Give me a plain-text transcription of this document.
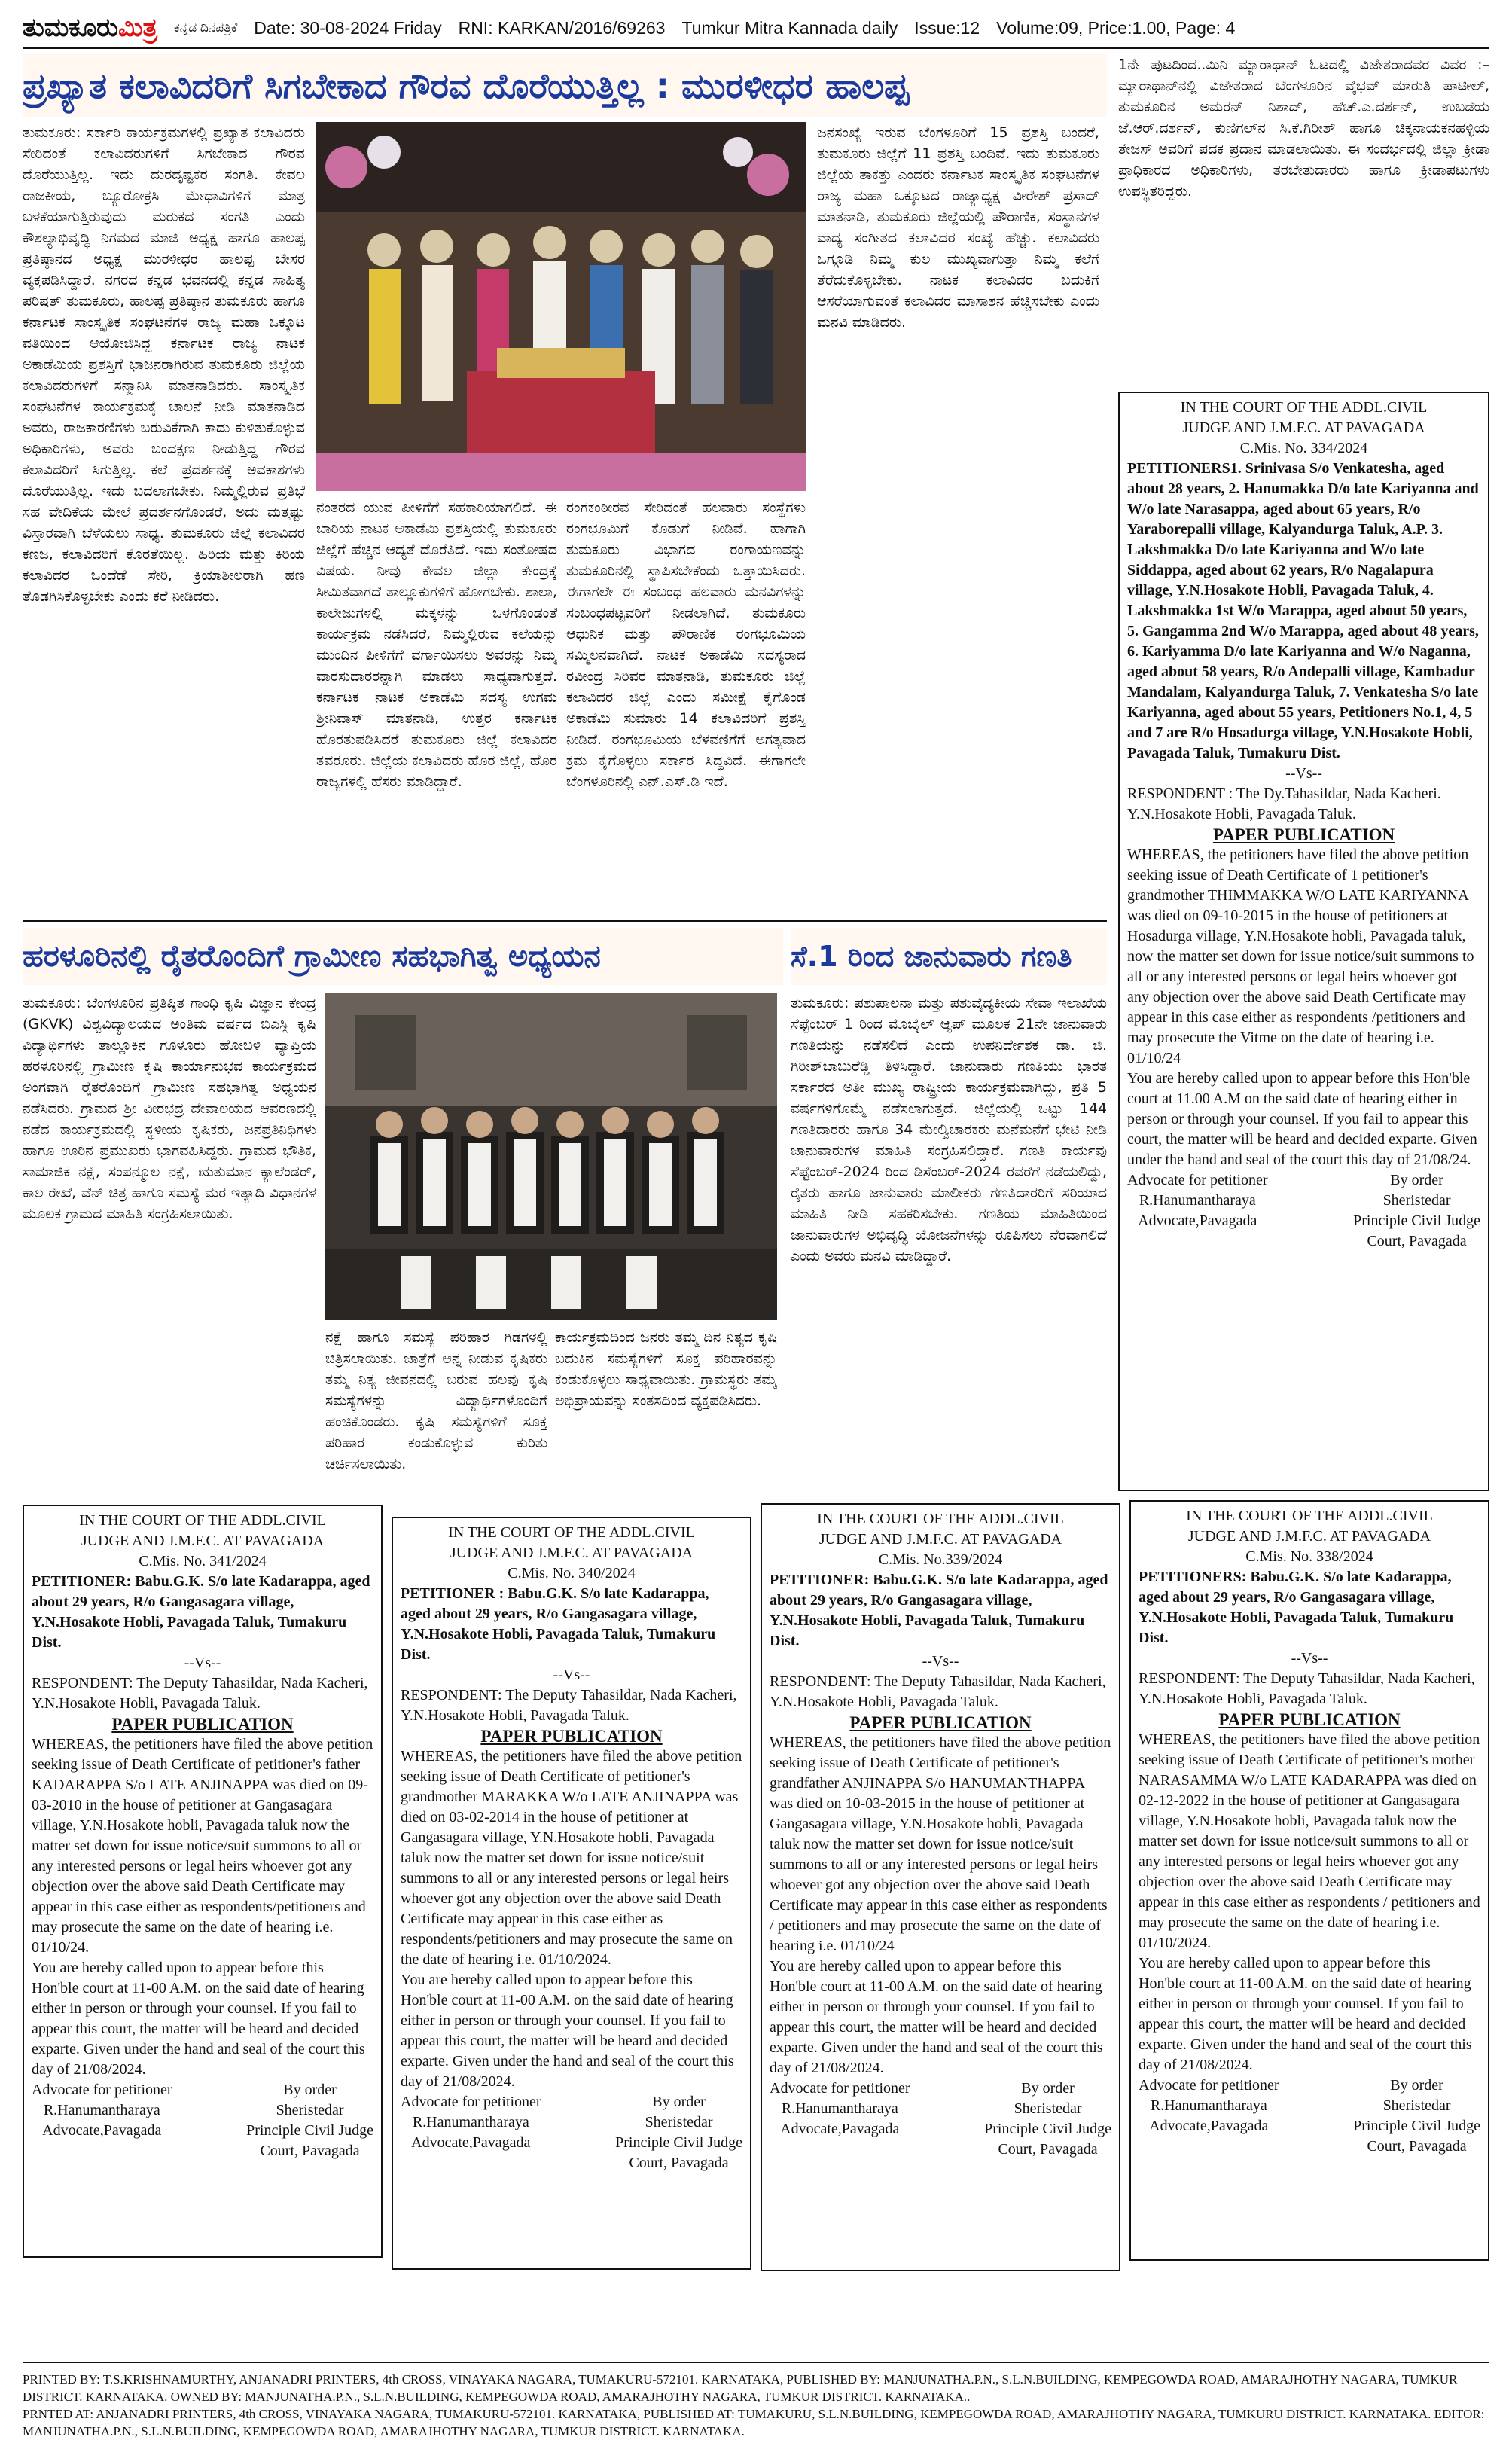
ತುಮಕೂರುಮಿತ್ರ ಕನ್ನಡ ದಿನಪತ್ರಿಕೆ Date: 30-08-2024 Friday RNI: KARKAN/2016/69263 Tumkur Mitra Kannada daily Issue:12 Volume:09, Price:1.00, Page: 4
ಪ್ರಖ್ಯಾತ ಕಲಾವಿದರಿಗೆ ಸಿಗಬೇಕಾದ ಗೌರವ ದೊರೆಯುತ್ತಿಲ್ಲ : ಮುರಳೀಧರ ಹಾಲಪ್ಪ
ತುಮಕೂರು: ಸರ್ಕಾರಿ ಕಾರ್ಯಕ್ರಮಗಳಲ್ಲಿ ಪ್ರಖ್ಯಾತ ಕಲಾವಿದರು ಸೇರಿದಂತೆ ಕಲಾವಿದರುಗಳಿಗೆ ಸಿಗಬೇಕಾದ ಗೌರವ ದೊರೆಯುತ್ತಿಲ್ಲ. ಇದು ದುರದೃಷ್ಟಕರ ಸಂಗತಿ. ಕೇವಲ ರಾಜಕೀಯ, ಬ್ಯೂರೋಕ್ರಸಿ ಮೇಧಾವಿಗಳಿಗೆ ಮಾತ್ರ ಬಳಕೆಯಾಗುತ್ತಿರುವುದು ಮರುಕದ ಸಂಗತಿ ಎಂದು ಕೌಶಲ್ಯಾಭಿವೃದ್ಧಿ ನಿಗಮದ ಮಾಜಿ ಅಧ್ಯಕ್ಷ ಹಾಗೂ ಹಾಲಪ್ಪ ಪ್ರತಿಷ್ಠಾನದ ಅಧ್ಯಕ್ಷ ಮುರಳೀಧರ ಹಾಲಪ್ಪ ಬೇಸರ ವ್ಯಕ್ತಪಡಿಸಿದ್ದಾರೆ. ನಗರದ ಕನ್ನಡ ಭವನದಲ್ಲಿ ಕನ್ನಡ ಸಾಹಿತ್ಯ ಪರಿಷತ್ ತುಮಕೂರು, ಹಾಲಪ್ಪ ಪ್ರತಿಷ್ಠಾನ ತುಮಕೂರು ಹಾಗೂ ಕರ್ನಾಟಕ ಸಾಂಸ್ಕೃತಿಕ ಸಂಘಟನೆಗಳ ರಾಜ್ಯ ಮಹಾ ಒಕ್ಕೂಟ ವತಿಯಿಂದ ಆಯೋಜಿಸಿದ್ದ ಕರ್ನಾಟಕ ರಾಜ್ಯ ನಾಟಕ ಅಕಾಡೆಮಿಯ ಪ್ರಶಸ್ತಿಗೆ ಭಾಜನರಾಗಿರುವ ತುಮಕೂರು ಜಿಲ್ಲೆಯ ಕಲಾವಿದರುಗಳಿಗೆ ಸನ್ಮಾನಿಸಿ ಮಾತನಾಡಿದರು. ಸಾಂಸ್ಕೃತಿಕ ಸಂಘಟನೆಗಳ ಕಾರ್ಯಕ್ರಮಕ್ಕೆ ಚಾಲನೆ ನೀಡಿ ಮಾತನಾಡಿದ ಅವರು, ರಾಜಕಾರಣಿಗಳು ಬರುವಿಕೆಗಾಗಿ ಕಾದು ಕುಳಿತುಕೊಳ್ಳುವ ಅಧಿಕಾರಿಗಳು, ಅವರು ಬಂದಕ್ಷಣ ನೀಡುತ್ತಿದ್ದ ಗೌರವ ಕಲಾವಿದರಿಗೆ ಸಿಗುತ್ತಿಲ್ಲ. ಕಲೆ ಪ್ರದರ್ಶನಕ್ಕೆ ಅವಕಾಶಗಳು ದೊರೆಯುತ್ತಿಲ್ಲ. ಇದು ಬದಲಾಗಬೇಕು. ನಿಮ್ಮಲ್ಲಿರುವ ಪ್ರತಿಭೆ ಸಹ ವೇದಿಕೆಯ ಮೇಲೆ ಪ್ರದರ್ಶನಗೊಂಡರೆ, ಅದು ಮತ್ತಷ್ಟು ವಿಸ್ತಾರವಾಗಿ ಬೆಳೆಯಲು ಸಾಧ್ಯ. ತುಮಕೂರು ಜಿಲ್ಲೆ ಕಲಾವಿದರ ಕಣಜ, ಕಲಾವಿದರಿಗೆ ಕೊರತೆಯಿಲ್ಲ. ಹಿರಿಯ ಮತ್ತು ಕಿರಿಯ ಕಲಾವಿದರ ಒಂದೆಡೆ ಸೇರಿ, ಕ್ರಿಯಾಶೀಲರಾಗಿ ಹಣ ತೊಡಗಿಸಿಕೊಳ್ಳಬೇಕು ಎಂದು ಕರೆ ನೀಡಿದರು.
ನಂತರದ ಯುವ ಪೀಳಿಗೆಗೆ ಸಹಕಾರಿಯಾಗಲಿದೆ. ಈ ಬಾರಿಯ ನಾಟಕ ಅಕಾಡೆಮಿ ಪ್ರಶಸ್ತಿಯಲ್ಲಿ ತುಮಕೂರು ಜಿಲ್ಲೆಗೆ ಹೆಚ್ಚಿನ ಆದ್ಯತೆ ದೊರೆತಿದೆ. ಇದು ಸಂತೋಷದ ವಿಷಯ. ನೀವು ಕೇವಲ ಜಿಲ್ಲಾ ಕೇಂದ್ರಕ್ಕೆ ಸೀಮಿತವಾಗದೆ ತಾಲ್ಲೂಕುಗಳಿಗೆ ಹೋಗಬೇಕು. ಶಾಲಾ, ಕಾಲೇಜುಗಳಲ್ಲಿ ಮಕ್ಕಳನ್ನು ಒಳಗೊಂಡಂತೆ ಕಾರ್ಯಕ್ರಮ ನಡೆಸಿದರೆ, ನಿಮ್ಮಲ್ಲಿರುವ ಕಲೆಯನ್ನು ಮುಂದಿನ ಪೀಳಿಗೆಗೆ ವರ್ಗಾಯಿಸಲು ಅವರನ್ನು ನಿಮ್ಮ ವಾರಸುದಾರರನ್ನಾಗಿ ಮಾಡಲು ಸಾಧ್ಯವಾಗುತ್ತದೆ. ಕರ್ನಾಟಕ ನಾಟಕ ಅಕಾಡೆಮಿ ಸದಸ್ಯ ಉಗಮ ಶ್ರೀನಿವಾಸ್ ಮಾತನಾಡಿ, ಉತ್ತರ ಕರ್ನಾಟಕ ಹೊರತುಪಡಿಸಿದರೆ ತುಮಕೂರು ಜಿಲ್ಲೆ ಕಲಾವಿದರ ತವರೂರು. ಜಿಲ್ಲೆಯ ಕಲಾವಿದರು ಹೊರ ಜಿಲ್ಲೆ, ಹೊರ ರಾಜ್ಯಗಳಲ್ಲಿ ಹೆಸರು ಮಾಡಿದ್ದಾರೆ.
ರಂಗಕಂಠೀರವ ಸೇರಿದಂತೆ ಹಲವಾರು ಸಂಸ್ಥೆಗಳು ರಂಗಭೂಮಿಗೆ ಕೊಡುಗೆ ನೀಡಿವೆ. ಹಾಗಾಗಿ ತುಮಕೂರು ವಿಭಾಗದ ರಂಗಾಯಣವನ್ನು ತುಮಕೂರಿನಲ್ಲಿ ಸ್ಥಾಪಿಸಬೇಕೆಂದು ಒತ್ತಾಯಿಸಿದರು. ಈಗಾಗಲೇ ಈ ಸಂಬಂಧ ಹಲವಾರು ಮನವಿಗಳನ್ನು ಸಂಬಂಧಪಟ್ಟವರಿಗೆ ನೀಡಲಾಗಿದೆ. ತುಮಕೂರು ಆಧುನಿಕ ಮತ್ತು ಪೌರಾಣಿಕ ರಂಗಭೂಮಿಯ ಸಮ್ಮಿಲನವಾಗಿದೆ. ನಾಟಕ ಅಕಾಡೆಮಿ ಸದಸ್ಯರಾದ ರವೀಂದ್ರ ಸಿರಿವರ ಮಾತನಾಡಿ, ತುಮಕೂರು ಜಿಲ್ಲೆ ಕಲಾವಿದರ ಜಿಲ್ಲೆ ಎಂದು ಸಮೀಕ್ಷೆ ಕೈಗೊಂಡ ಅಕಾಡೆಮಿ ಸುಮಾರು 14 ಕಲಾವಿದರಿಗೆ ಪ್ರಶಸ್ತಿ ನೀಡಿದೆ. ರಂಗಭೂಮಿಯ ಬೆಳವಣಿಗೆಗೆ ಅಗತ್ಯವಾದ ಕ್ರಮ ಕೈಗೊಳ್ಳಲು ಸರ್ಕಾರ ಸಿದ್ಧವಿದೆ. ಈಗಾಗಲೇ ಬೆಂಗಳೂರಿನಲ್ಲಿ ಎನ್.ಎಸ್.ಡಿ ಇದೆ.
ಜನಸಂಖ್ಯೆ ಇರುವ ಬೆಂಗಳೂರಿಗೆ 15 ಪ್ರಶಸ್ತಿ ಬಂದರೆ, ತುಮಕೂರು ಜಿಲ್ಲೆಗೆ 11 ಪ್ರಶಸ್ತಿ ಬಂದಿವೆ. ಇದು ತುಮಕೂರು ಜಿಲ್ಲೆಯ ತಾಕತ್ತು ಎಂದರು ಕರ್ನಾಟಕ ಸಾಂಸ್ಕೃತಿಕ ಸಂಘಟನೆಗಳ ರಾಜ್ಯ ಮಹಾ ಒಕ್ಕೂಟದ ರಾಜ್ಯಾಧ್ಯಕ್ಷ ವೀರೇಶ್ ಪ್ರಸಾದ್ ಮಾತನಾಡಿ, ತುಮಕೂರು ಜಿಲ್ಲೆಯಲ್ಲಿ ಪೌರಾಣಿಕ, ಸಂಸ್ಥಾನಗಳ ವಾದ್ಯ ಸಂಗೀತದ ಕಲಾವಿದರ ಸಂಖ್ಯೆ ಹೆಚ್ಚು. ಕಲಾವಿದರು ಒಗ್ಗೂಡಿ ನಿಮ್ಮ ಕುಲ ಮುಖ್ಯವಾಗುತ್ತಾ ನಿಮ್ಮ ಕಲೆಗೆ ತೆರೆದುಕೊಳ್ಳಬೇಕು. ನಾಟಕ ಕಲಾವಿದರ ಬದುಕಿಗೆ ಆಸರೆಯಾಗುವಂತೆ ಕಲಾವಿದರ ಮಾಸಾಶನ ಹೆಚ್ಚಿಸಬೇಕು ಎಂದು ಮನವಿ ಮಾಡಿದರು.
1ನೇ ಪುಟದಿಂದ..ಮಿನಿ ಮ್ಯಾರಾಥಾನ್ ಓಟದಲ್ಲಿ ವಿಜೇತರಾದವರ ವಿವರ :– ಮ್ಯಾರಾಥಾನ್‌ನಲ್ಲಿ ವಿಜೇತರಾದ ಬೆಂಗಳೂರಿನ ವೈಭವ್ ಮಾರುತಿ ಪಾಟೀಲ್, ತುಮಕೂರಿನ ಅಮರನ್ ನಿಶಾದ್, ಹೆಚ್.ಎ.ದರ್ಶನ್, ಉಬಡೆಯ ಜೆ.ಆರ್.ದರ್ಶನ್, ಕುಣಿಗಲ್‌ನ ಸಿ.ಕೆ.ಗಿರೀಶ್ ಹಾಗೂ ಚಿಕ್ಕನಾಯಕನಹಳ್ಳಿಯ ತೇಜಸ್ ಅವರಿಗೆ ಪದಕ ಪ್ರದಾನ ಮಾಡಲಾಯಿತು. ಈ ಸಂದರ್ಭದಲ್ಲಿ ಜಿಲ್ಲಾ ಕ್ರೀಡಾ ಪ್ರಾಧಿಕಾರದ ಅಧಿಕಾರಿಗಳು, ತರಬೇತುದಾರರು ಹಾಗೂ ಕ್ರೀಡಾಪಟುಗಳು ಉಪಸ್ಥಿತರಿದ್ದರು.
IN THE COURT OF THE ADDL.CIVIL
JUDGE AND J.M.F.C. AT PAVAGADA
C.Mis. No. 334/2024
PETITIONERS1. Srinivasa S/o Venkatesha, aged about 28 years, 2. Hanumakka D/o late Kariyanna and W/o late Narasappa, aged about 65 years, R/o Yaraborepalli village, Kalyandurga Taluk, A.P. 3. Lakshmakka D/o late Kariyanna and W/o late Siddappa, aged about 62 years, R/o Nagalapura village, Y.N.Hosakote Hobli, Pavagada Taluk, 4. Lakshmakka 1st W/o Marappa, aged about 50 years, 5. Gangamma 2nd W/o Marappa, aged about 48 years, 6. Kariyamma D/o late Kariyanna and W/o Naganna, aged about 58 years, R/o Andepalli village, Kambadur Mandalam, Kalyandurga Taluk, 7. Venkatesha S/o late Kariyanna, aged about 55 years, Petitioners No.1, 4, 5 and 7 are R/o Hosadurga village, Y.N.Hosakote Hobli, Pavagada Taluk, Tumakuru Dist.
--Vs--
RESPONDENT : The Dy.Tahasildar, Nada Kacheri. Y.N.Hosakote Hobli, Pavagada Taluk.
PAPER PUBLICATION
WHEREAS, the petitioners have filed the above petition seeking issue of Death Certificate of 1 petitioner's grandmother THIMMAKKA W/O LATE KARIYANNA was died on 09-10-2015 in the house of petitioners at Hosadurga village, Y.N.Hosakote hobli, Pavagada taluk, now the matter set down for issue notice/suit summons to all or any interested persons or legal heirs whoever got any objection over the above said Death Certificate may appear in this case either as respondents /petitioners and may prosecute the Vitme on the date of hearing i.e. 01/10/24
You are hereby called upon to appear before this Hon'ble court at 11.00 A.M on the said date of hearing either in person or through your counsel. If you fail to appear this court, the matter will be heard and decided exparte. Given under the hand and seal of the court this day of 21/08/24.
Advocate for petitioner
R.Hanumantharaya
Advocate,Pavagada
By order
Sheristedar
Principle Civil Judge
Court, Pavagada
ಹರಳೂರಿನಲ್ಲಿ ರೈತರೊಂದಿಗೆ ಗ್ರಾಮೀಣ ಸಹಭಾಗಿತ್ವ ಅಧ್ಯಯನ	ಸೆ.1 ರಿಂದ ಜಾನುವಾರು ಗಣತಿ
ತುಮಕೂರು: ಬೆಂಗಳೂರಿನ ಪ್ರತಿಷ್ಠಿತ ಗಾಂಧಿ ಕೃಷಿ ವಿಜ್ಞಾನ ಕೇಂದ್ರ (GKVK) ವಿಶ್ವವಿದ್ಯಾಲಯದ ಅಂತಿಮ ವರ್ಷದ ಬಿಎಸ್ಸಿ ಕೃಷಿ ವಿದ್ಯಾರ್ಥಿಗಳು ತಾಲ್ಲೂಕಿನ ಗೂಳೂರು ಹೋಬಳಿ ವ್ಯಾಪ್ತಿಯ ಹರಳೂರಿನಲ್ಲಿ ಗ್ರಾಮೀಣ ಕೃಷಿ ಕಾರ್ಯಾನುಭವ ಕಾರ್ಯಕ್ರಮದ ಅಂಗವಾಗಿ ರೈತರೊಂದಿಗೆ ಗ್ರಾಮೀಣ ಸಹಭಾಗಿತ್ವ ಅಧ್ಯಯನ ನಡೆಸಿದರು. ಗ್ರಾಮದ ಶ್ರೀ ವೀರಭದ್ರ ದೇವಾಲಯದ ಆವರಣದಲ್ಲಿ ನಡೆದ ಕಾರ್ಯಕ್ರಮದಲ್ಲಿ ಸ್ಥಳೀಯ ಕೃಷಿಕರು, ಜನಪ್ರತಿನಿಧಿಗಳು ಹಾಗೂ ಊರಿನ ಪ್ರಮುಖರು ಭಾಗವಹಿಸಿದ್ದರು. ಗ್ರಾಮದ ಭೌತಿಕ, ಸಾಮಾಜಿಕ ನಕ್ಷೆ, ಸಂಪನ್ಮೂಲ ನಕ್ಷೆ, ಋತುಮಾನ ಕ್ಯಾಲೆಂಡರ್, ಕಾಲ ರೇಖೆ, ವೆನ್ ಚಿತ್ರ ಹಾಗೂ ಸಮಸ್ಯೆ ಮರ ಇತ್ಯಾದಿ ವಿಧಾನಗಳ ಮೂಲಕ ಗ್ರಾಮದ ಮಾಹಿತಿ ಸಂಗ್ರಹಿಸಲಾಯಿತು.
ನಕ್ಷೆ ಹಾಗೂ ಸಮಸ್ಯೆ ಪರಿಹಾರ ಗಿಡಗಳಲ್ಲಿ ಚಿತ್ರಿಸಲಾಯಿತು. ಜಾತ್ರೆಗೆ ಅನ್ನ ನೀಡುವ ಕೃಷಿಕರು ತಮ್ಮ ನಿತ್ಯ ಜೀವನದಲ್ಲಿ ಬರುವ ಹಲವು ಕೃಷಿ ಸಮಸ್ಯೆಗಳನ್ನು ವಿದ್ಯಾರ್ಥಿಗಳೊಂದಿಗೆ ಹಂಚಿಕೊಂಡರು. ಕೃಷಿ ಸಮಸ್ಯೆಗಳಿಗೆ ಸೂಕ್ತ ಪರಿಹಾರ ಕಂಡುಕೊಳ್ಳುವ ಕುರಿತು ಚರ್ಚಿಸಲಾಯಿತು.
ಕಾರ್ಯಕ್ರಮದಿಂದ ಜನರು ತಮ್ಮ ದಿನ ನಿತ್ಯದ ಕೃಷಿ ಬದುಕಿನ ಸಮಸ್ಯೆಗಳಿಗೆ ಸೂಕ್ತ ಪರಿಹಾರವನ್ನು ಕಂಡುಕೊಳ್ಳಲು ಸಾಧ್ಯವಾಯಿತು. ಗ್ರಾಮಸ್ಥರು ತಮ್ಮ ಅಭಿಪ್ರಾಯವನ್ನು ಸಂತಸದಿಂದ ವ್ಯಕ್ತಪಡಿಸಿದರು.
ತುಮಕೂರು: ಪಶುಪಾಲನಾ ಮತ್ತು ಪಶುವೈದ್ಯಕೀಯ ಸೇವಾ ಇಲಾಖೆಯ ಸೆಪ್ಟೆಂಬರ್ 1 ರಿಂದ ಮೊಬೈಲ್ ಆ್ಯಪ್ ಮೂಲಕ 21ನೇ ಜಾನುವಾರು ಗಣತಿಯನ್ನು ನಡೆಸಲಿದೆ ಎಂದು ಉಪನಿರ್ದೇಶಕ ಡಾ. ಜಿ. ಗಿರೀಶ್‌ಬಾಬುರೆಡ್ಡಿ ತಿಳಿಸಿದ್ದಾರೆ. ಜಾನುವಾರು ಗಣತಿಯು ಭಾರತ ಸರ್ಕಾರದ ಅತೀ ಮುಖ್ಯ ರಾಷ್ಟ್ರೀಯ ಕಾರ್ಯಕ್ರಮವಾಗಿದ್ದು, ಪ್ರತಿ 5 ವರ್ಷಗಳಿಗೊಮ್ಮೆ ನಡೆಸಲಾಗುತ್ತದೆ. ಜಿಲ್ಲೆಯಲ್ಲಿ ಒಟ್ಟು 144 ಗಣತಿದಾರರು ಹಾಗೂ 34 ಮೇಲ್ವಿಚಾರಕರು ಮನೆಮನೆಗೆ ಭೇಟಿ ನೀಡಿ ಜಾನುವಾರುಗಳ ಮಾಹಿತಿ ಸಂಗ್ರಹಿಸಲಿದ್ದಾರೆ. ಗಣತಿ ಕಾರ್ಯವು ಸೆಪ್ಟೆಂಬರ್-2024 ರಿಂದ ಡಿಸೆಂಬರ್-2024 ರವರೆಗೆ ನಡೆಯಲಿದ್ದು, ರೈತರು ಹಾಗೂ ಜಾನುವಾರು ಮಾಲೀಕರು ಗಣತಿದಾರರಿಗೆ ಸರಿಯಾದ ಮಾಹಿತಿ ನೀಡಿ ಸಹಕರಿಸಬೇಕು. ಗಣತಿಯ ಮಾಹಿತಿಯಿಂದ ಜಾನುವಾರುಗಳ ಅಭಿವೃದ್ಧಿ ಯೋಜನೆಗಳನ್ನು ರೂಪಿಸಲು ನೆರವಾಗಲಿದೆ ಎಂದು ಅವರು ಮನವಿ ಮಾಡಿದ್ದಾರೆ.
IN THE COURT OF THE ADDL.CIVIL
JUDGE AND J.M.F.C. AT PAVAGADA
C.Mis. No. 341/2024
PETITIONER: Babu.G.K. S/o late Kadarappa, aged about 29 years, R/o Gangasagara village, Y.N.Hosakote Hobli, Pavagada Taluk, Tumakuru Dist.
--Vs--
RESPONDENT: The Deputy Tahasildar, Nada Kacheri, Y.N.Hosakote Hobli, Pavagada Taluk.
PAPER PUBLICATION
WHEREAS, the petitioners have filed the above petition seeking issue of Death Certificate of petitioner's father KADARAPPA S/o LATE ANJINAPPA was died on 09-03-2010 in the house of petitioner at Gangasagara village, Y.N.Hosakote hobli, Pavagada taluk now the matter set down for issue notice/suit summons to all or any interested persons or legal heirs whoever got any objection over the above said Death Certificate may appear in this case either as respondents/petitioners and may prosecute the same on the date of hearing i.e. 01/10/24.
You are hereby called upon to appear before this Hon'ble court at 11-00 A.M. on the said date of hearing either in person or through your counsel. If you fail to appear this court, the matter will be heard and decided exparte. Given under the hand and seal of the court this day of 21/08/2024.
Advocate for petitioner
R.Hanumantharaya
Advocate,Pavagada
By order
Sheristedar
Principle Civil Judge
Court, Pavagada
IN THE COURT OF THE ADDL.CIVIL
JUDGE AND J.M.F.C. AT PAVAGADA
C.Mis. No. 340/2024
PETITIONER : Babu.G.K. S/o late Kadarappa, aged about 29 years, R/o Gangasagara village, Y.N.Hosakote Hobli, Pavagada Taluk, Tumakuru Dist.
--Vs--
RESPONDENT: The Deputy Tahasildar, Nada Kacheri, Y.N.Hosakote Hobli, Pavagada Taluk.
PAPER PUBLICATION
WHEREAS, the petitioners have filed the above petition seeking issue of Death Certificate of petitioner's grandmother MARAKKA W/o LATE ANJINAPPA was died on 03-02-2014 in the house of petitioner at Gangasagara village, Y.N.Hosakote hobli, Pavagada taluk now the matter set down for issue notice/suit summons to all or any interested persons or legal heirs whoever got any objection over the above said Death Certificate may appear in this case either as respondents/petitioners and may prosecute the same on the date of hearing i.e. 01/10/2024.
You are hereby called upon to appear before this Hon'ble court at 11-00 A.M. on the said date of hearing either in person or through your counsel. If you fail to appear this court, the matter will be heard and decided exparte. Given under the hand and seal of the court this day of 21/08/2024.
Advocate for petitioner
R.Hanumantharaya
Advocate,Pavagada
By order
Sheristedar
Principle Civil Judge
Court, Pavagada
IN THE COURT OF THE ADDL.CIVIL
JUDGE AND J.M.F.C. AT PAVAGADA
C.Mis. No.339/2024
PETITIONER: Babu.G.K. S/o late Kadarappa, aged about 29 years, R/o Gangasagara village, Y.N.Hosakote Hobli, Pavagada Taluk, Tumakuru Dist.
--Vs--
RESPONDENT: The Deputy Tahasildar, Nada Kacheri, Y.N.Hosakote Hobli, Pavagada Taluk.
PAPER PUBLICATION
WHEREAS, the petitioners have filed the above petition seeking issue of Death Certificate of petitioner's grandfather ANJINAPPA S/o HANUMANTHAPPA was died on 10-03-2015 in the house of petitioner at Gangasagara village, Y.N.Hosakote hobli, Pavagada taluk now the matter set down for issue notice/suit summons to all or any interested persons or legal heirs whoever got any objection over the above said Death Certificate may appear in this case either as respondents / petitioners and may prosecute the same on the date of hearing i.e. 01/10/24
You are hereby called upon to appear before this Hon'ble court at 11-00 A.M. on the said date of hearing either in person or through your counsel. If you fail to appear this court, the matter will be heard and decided exparte. Given under the hand and seal of the court this day of 21/08/2024.
Advocate for petitioner
R.Hanumantharaya
Advocate,Pavagada
By order
Sheristedar
Principle Civil Judge
Court, Pavagada
IN THE COURT OF THE ADDL.CIVIL
JUDGE AND J.M.F.C. AT PAVAGADA
C.Mis. No. 338/2024
PETITIONERS: Babu.G.K. S/o late Kadarappa, aged about 29 years, R/o Gangasagara village, Y.N.Hosakote Hobli, Pavagada Taluk, Tumakuru Dist.
--Vs--
RESPONDENT: The Deputy Tahasildar, Nada Kacheri, Y.N.Hosakote Hobli, Pavagada Taluk.
PAPER PUBLICATION
WHEREAS, the petitioners have filed the above petition seeking issue of Death Certificate of petitioner's mother NARASAMMA W/o LATE KADARAPPA was died on 02-12-2022 in the house of petitioner at Gangasagara village, Y.N.Hosakote hobli, Pavagada taluk now the matter set down for issue notice/suit summons to all or any interested persons or legal heirs whoever got any objection over the above said Death Certificate may appear in this case either as respondents / petitioners and may prosecute the same on the date of hearing i.e. 01/10/2024.
You are hereby called upon to appear before this Hon'ble court at 11-00 A.M. on the said date of hearing either in person or through your counsel. If you fail to appear this court, the matter will be heard and decided exparte. Given under the hand and seal of the court this day of 21/08/2024.
Advocate for petitioner
R.Hanumantharaya
Advocate,Pavagada
By order
Sheristedar
Principle Civil Judge
Court, Pavagada
PRINTED BY: T.S.KRISHNAMURTHY, ANJANADRI PRINTERS, 4th CROSS, VINAYAKA NAGARA, TUMAKURU-572101. KARNATAKA, PUBLISHED BY: MANJUNATHA.P.N., S.L.N.BUILDING, KEMPEGOWDA ROAD, AMARAJHOTHY NAGARA, TUMKUR DISTRICT. KARNATAKA. OWNED BY: MANJUNATHA.P.N., S.L.N.BUILDING, KEMPEGOWDA ROAD, AMARAJHOTHY NAGARA, TUMKUR DISTRICT. KARNATAKA..
PRNTED AT: ANJANADRI PRINTERS, 4th CROSS, VINAYAKA NAGARA, TUMAKURU-572101. KARNATAKA, PUBLISHED AT: TUMAKURU, S.L.N.BUILDING, KEMPEGOWDA ROAD, AMARAJHOTHY NAGARA, TUMKURU DISTRICT. KARNATAKA. EDITOR: MANJUNATHA.P.N., S.L.N.BUILDING, KEMPEGOWDA ROAD, AMARAJHOTHY NAGARA, TUMKUR DISTRICT. KARNATAKA.
